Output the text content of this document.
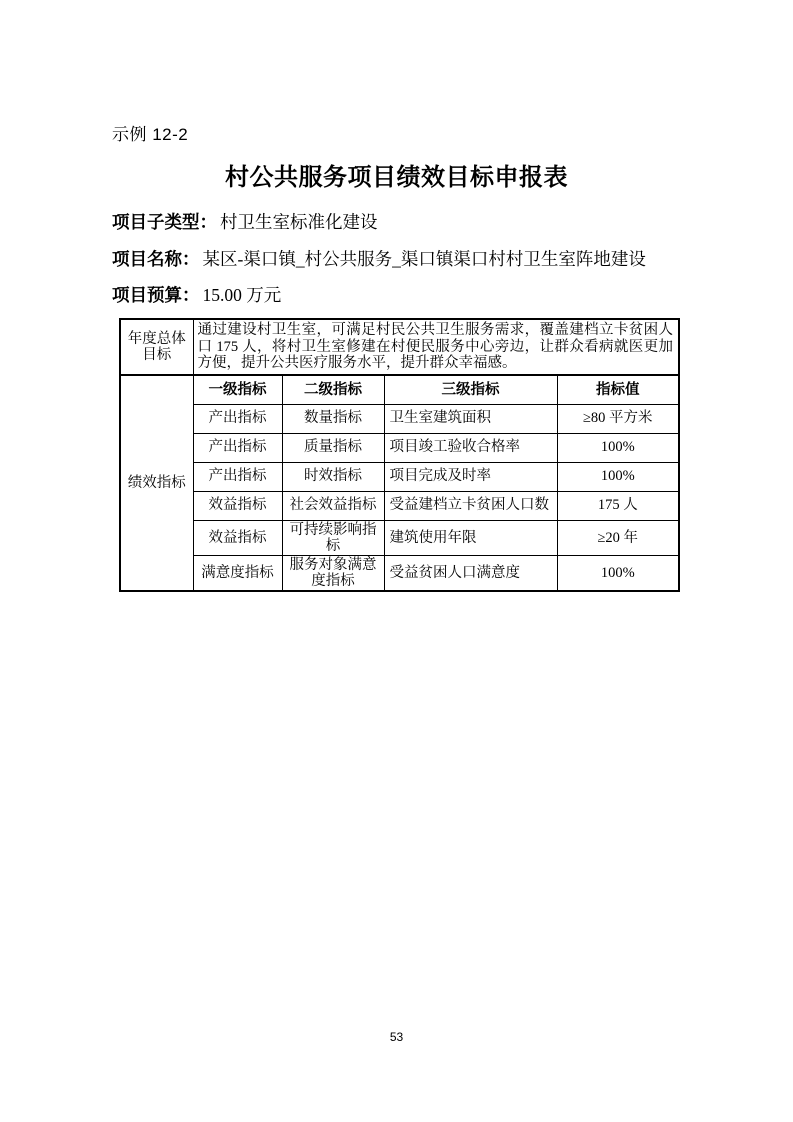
示例 12-2
村公共服务项目绩效目标申报表
项目子类型： 村卫生室标准化建设
项目名称： 某区-渠口镇_村公共服务_渠口镇渠口村村卫生室阵地建设
项目预算： 15.00 万元
年度总体目标	通过建设村卫生室，可满足村民公共卫生服务需求，覆盖建档立卡贫困人口 175 人，将村卫生室修建在村便民服务中心旁边，让群众看病就医更加方便，提升公共医疗服务水平，提升群众幸福感。			
绩效指标	一级指标	二级指标	三级指标	指标值
	产出指标	数量指标	卫生室建筑面积	≥80 平方米
	产出指标	质量指标	项目竣工验收合格率	100%
	产出指标	时效指标	项目完成及时率	100%
	效益指标	社会效益指标	受益建档立卡贫困人口数	175 人
	效益指标	可持续影响指标	建筑使用年限	≥20 年
	满意度指标	服务对象满意度指标	受益贫困人口满意度	100%
53
